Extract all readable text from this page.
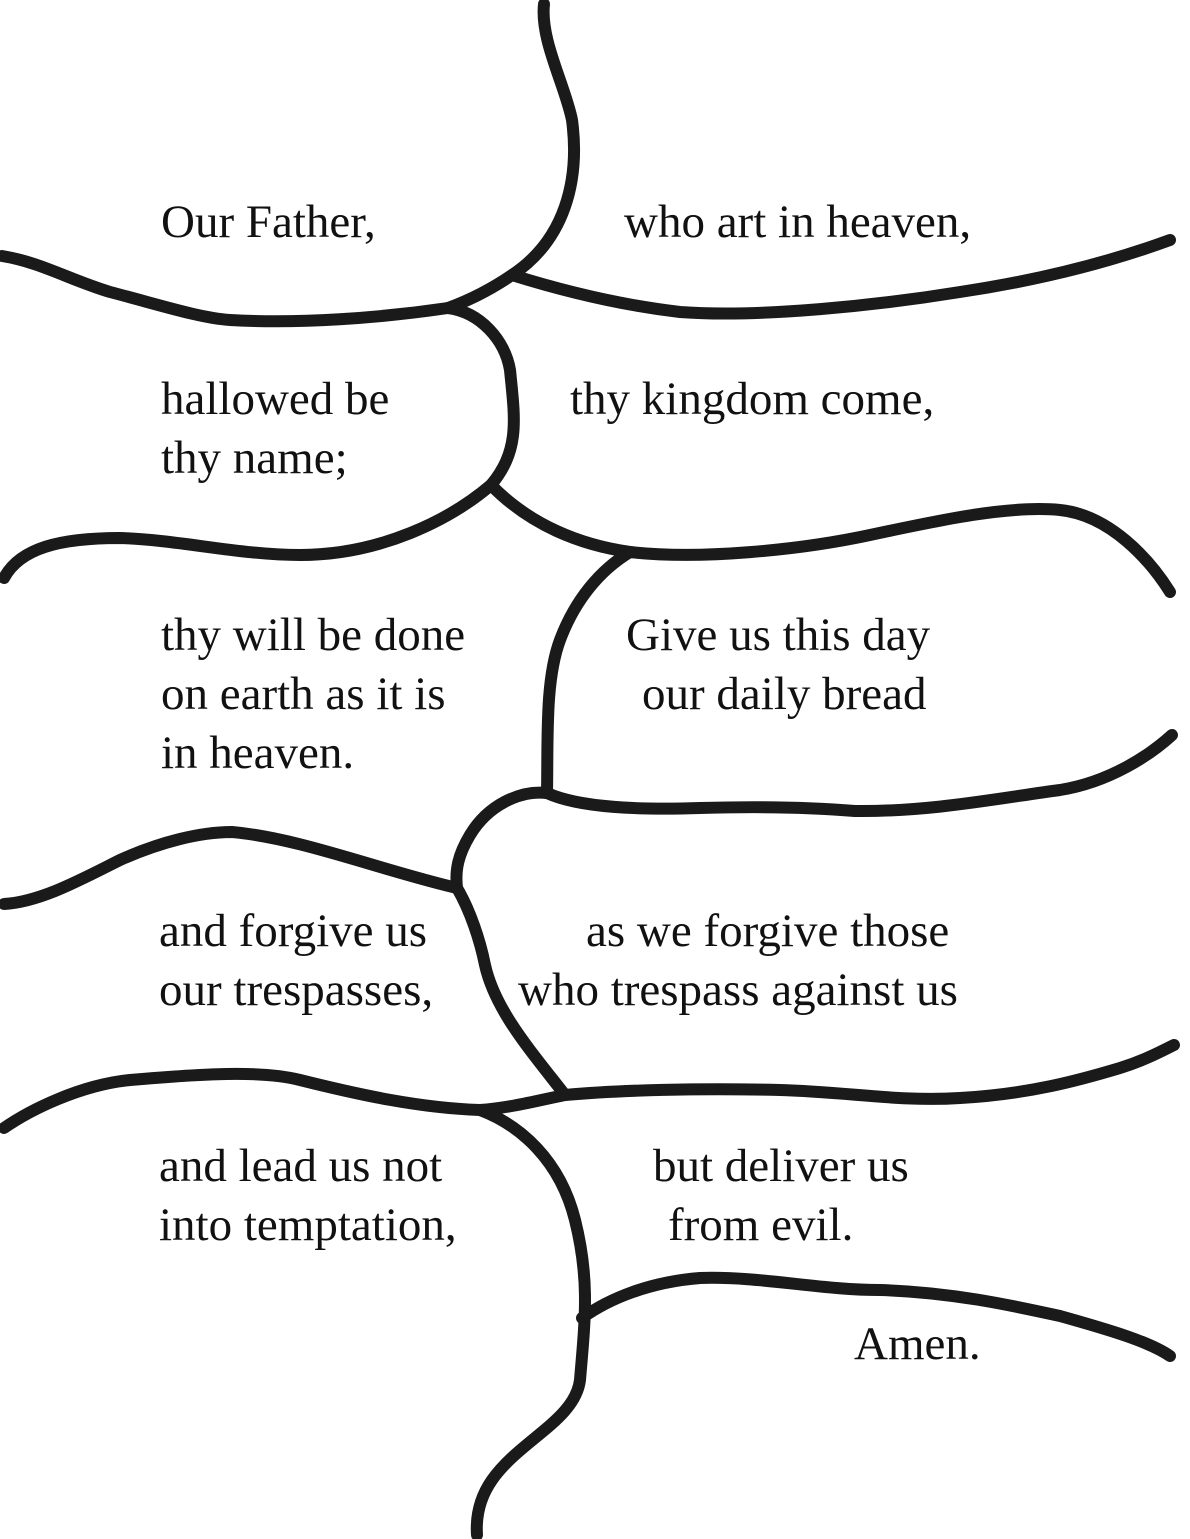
Our Father,	who art in heaven,
hallowed be
thy name;
thy kingdom come,
thy will be done
on earth as it is
in heaven.
Give us this day
our daily bread
and forgive us
our trespasses,
as we forgive those
who trespass against us
and lead us not
into temptation,
but deliver us
from evil.
Amen.
